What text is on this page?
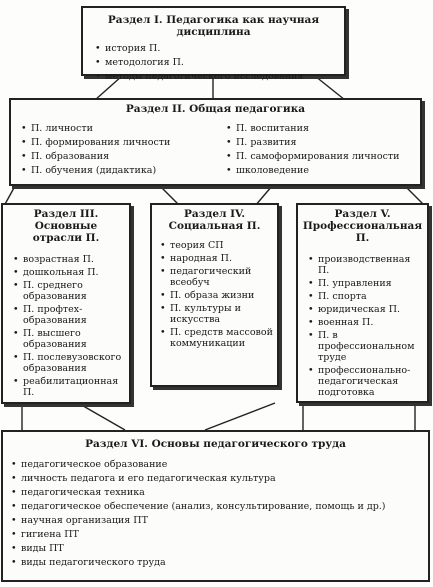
Раздел I. Педагогика как научная дисциплина
• история П.
• методология П.
• методы педагогического исследования
Раздел II. Общая педагогика
• П. личности
• П. формирования личности
• П. образования
• П. обучения (дидактика)
• П. воспитания
• П. развития
• П. самоформирования личности
• школоведение
Раздел III. Основные отрасли П.
• возрастная П.
• дошкольная П.
• П. среднего образования
• П. профтех-образования
• П. высшего образования
• П. послевузовского образования
• реабилитационная П.
Раздел IV. Социальная П.
• теория СП
• народная П.
• педагогический всеобуч
• П. образа жизни
• П. культуры и искусства
• П. средств массовой коммуникации
Раздел V. Профессиональная П.
• производственная П.
• П. управления
• П. спорта
• юридическая П.
• военная П.
• П. в профессиональном труде
• профессионально-педагогическая подготовка
Раздел VI. Основы педагогического труда
• педагогическое образование
• личность педагога и его педагогическая культура
• педагогическая техника
• педагогическое обеспечение (анализ, консультирование, помощь и др.)
• научная организация ПТ
• гигиена ПТ
• виды ПТ
• виды педагогического труда
